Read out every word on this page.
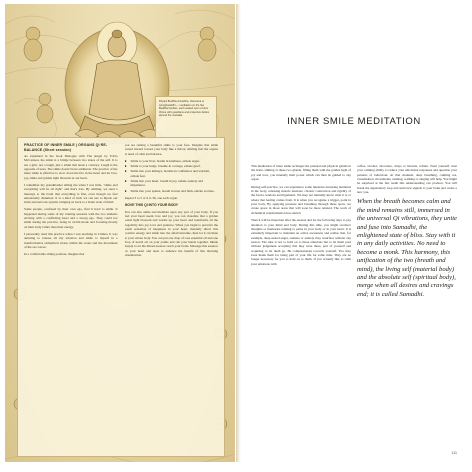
Dhyani Buddha Amitabha, Vairocana or Amoghasiddhi — meditation on the five Buddha families, each seated upon a lotus throne with guardians and protective deities around the mandala.
PRACTICE OF INNER SMILE | ORGANS QI RE-BALANCE (Short session)

As explained in the book Dialogue with The Angel by Tricia McCannon, the smile is a bridge between two states of the self. It is not a grin, not a laugh, just a smile that heals a contrary. Laugh is the opposite of tears. The smile doesn't have antithesis. The practice of the inner smile is effective to slow down the fire in the heart and let love, joy, smile and golden light blossom in our heart.

I remember my grandmother telling me when I was little, "smile and everything will be all right" and that's true. By smiling, we send a message to the brain that everything is fine, even though we feel emotionally disturbed. It is a kind of trick we can use to hijack our brain and nervous system, bringing us back to a better state of mind.

Some people, confused by their own ego, find it hard to smile. It happened during some of my training sessions with the two students arriving with a conflicting heart and a strong ego. They could not smile during the practice, being in victim mode and focusing mostly on their body rather than their energy.

I personally used this practice when I was teaching in Crimea. It was amazing to release all my emotion and smile to myself in a transformative alchemical vision within the water and the movement of the sea waves.

In a comfortable sitting position, imagine that

you are raising a beautiful smile to your face. Imagine that smile turned inward toward your body like a mirror, smiling into the organs in need of calm and balance.

■	Smile to your liver, breath in kindness, exhale anger.
■	Smile to your lungs, breathe in courage, exhale grief.
■	Smile into your kidneys, breathe in confidence and wisdom, exhale fear.
■	Smile into your heart, breath in joy, exhale anxiety and impatience.
■	Smile into your spleen, breath in trust and faith, exhale worries.

Repeat 3 to 5 or 9 to 36, one each organ.

MOVE THIS QI INTO YOUR BODY

You can also smile and meditate upon any part of your body. If you feel your heart needs love and joy, you can visualize that a golden warm light blossom and warms up your heart and transforms all the negativity into joy, love and patience. When you begin to perceive the warm sensation of happiness in your heart, mentally direct this positive energy and smile into the small intestine, then let it circulate in your whole body. You can put one drop of rose essential oil and one drop of neroli oil on your palms and rub your hands together. Inhale deeply to let the mixed essence reach your brain. Massage this essence on your heart and neck to enhance the benefit of this morning visualisation.

INNER SMILE MEDITATION

This meditation of inner smile recharges the prenatal and physical glands in the brain, smiling at these two glands, filling them with the golden light of joy and love, you intensify their power which can then be guided to any organ.

During self-practice, we can experience some intensive nurturing moments in the body, releasing muscle tensions, chronic contraction and rigidity of the fascia, tendons and ligaments. We may not mentally know what it is or where that feeling comes from. It is when you recognize a trigger, point in your body. By applying pressure and breathing through these spots, we create space in those areas that will soon be more relaxed. The work of alchemical transformation has started.

Then it will be important after the session and for the following days to pay attention to your mind and body. During this time, you might recollect thoughts or memories relating to pains in your body or in your heart. It is extremely important to maintain an active awareness and realise that, for example, deep-seated anger, sadness or anxiety may resurface without any reason. The idea is not to hold on to these emotions but to let them pass without judgement accepting that they were there, part of yourself and acquiring to let them go. Be compassionate towards yourself. You may even thank them for being part of your life for some time. They are no longer necessary for you to hold on to them. If you actually like to calm your emotions with

coffee, alcohol, chocolate, crisps or biscuits, refrain. Trust yourself, trust your calming ability to reduce your emotional responses and question your patterns of behaviour. At that moment, deep breathing, calming tea, visualisation, movements, running, walking or singing will help. You might be surprised at the fast result this understanding can produce. You will break the dependency loop and send new signals to your brain and create a new you.

When the breath becomes calm and the mind remains still, immersed in the universal Qi vibrations, they unite and fuse into Samadhi, the enlightened state of bliss. Stay with it in any daily activities. No need to become a monk. This harmony, this unification of the two (breath and mind), the living self (material body) and the absolute self (spiritual body), merge when all desires and cravings end; it is called Samadhi.

111
